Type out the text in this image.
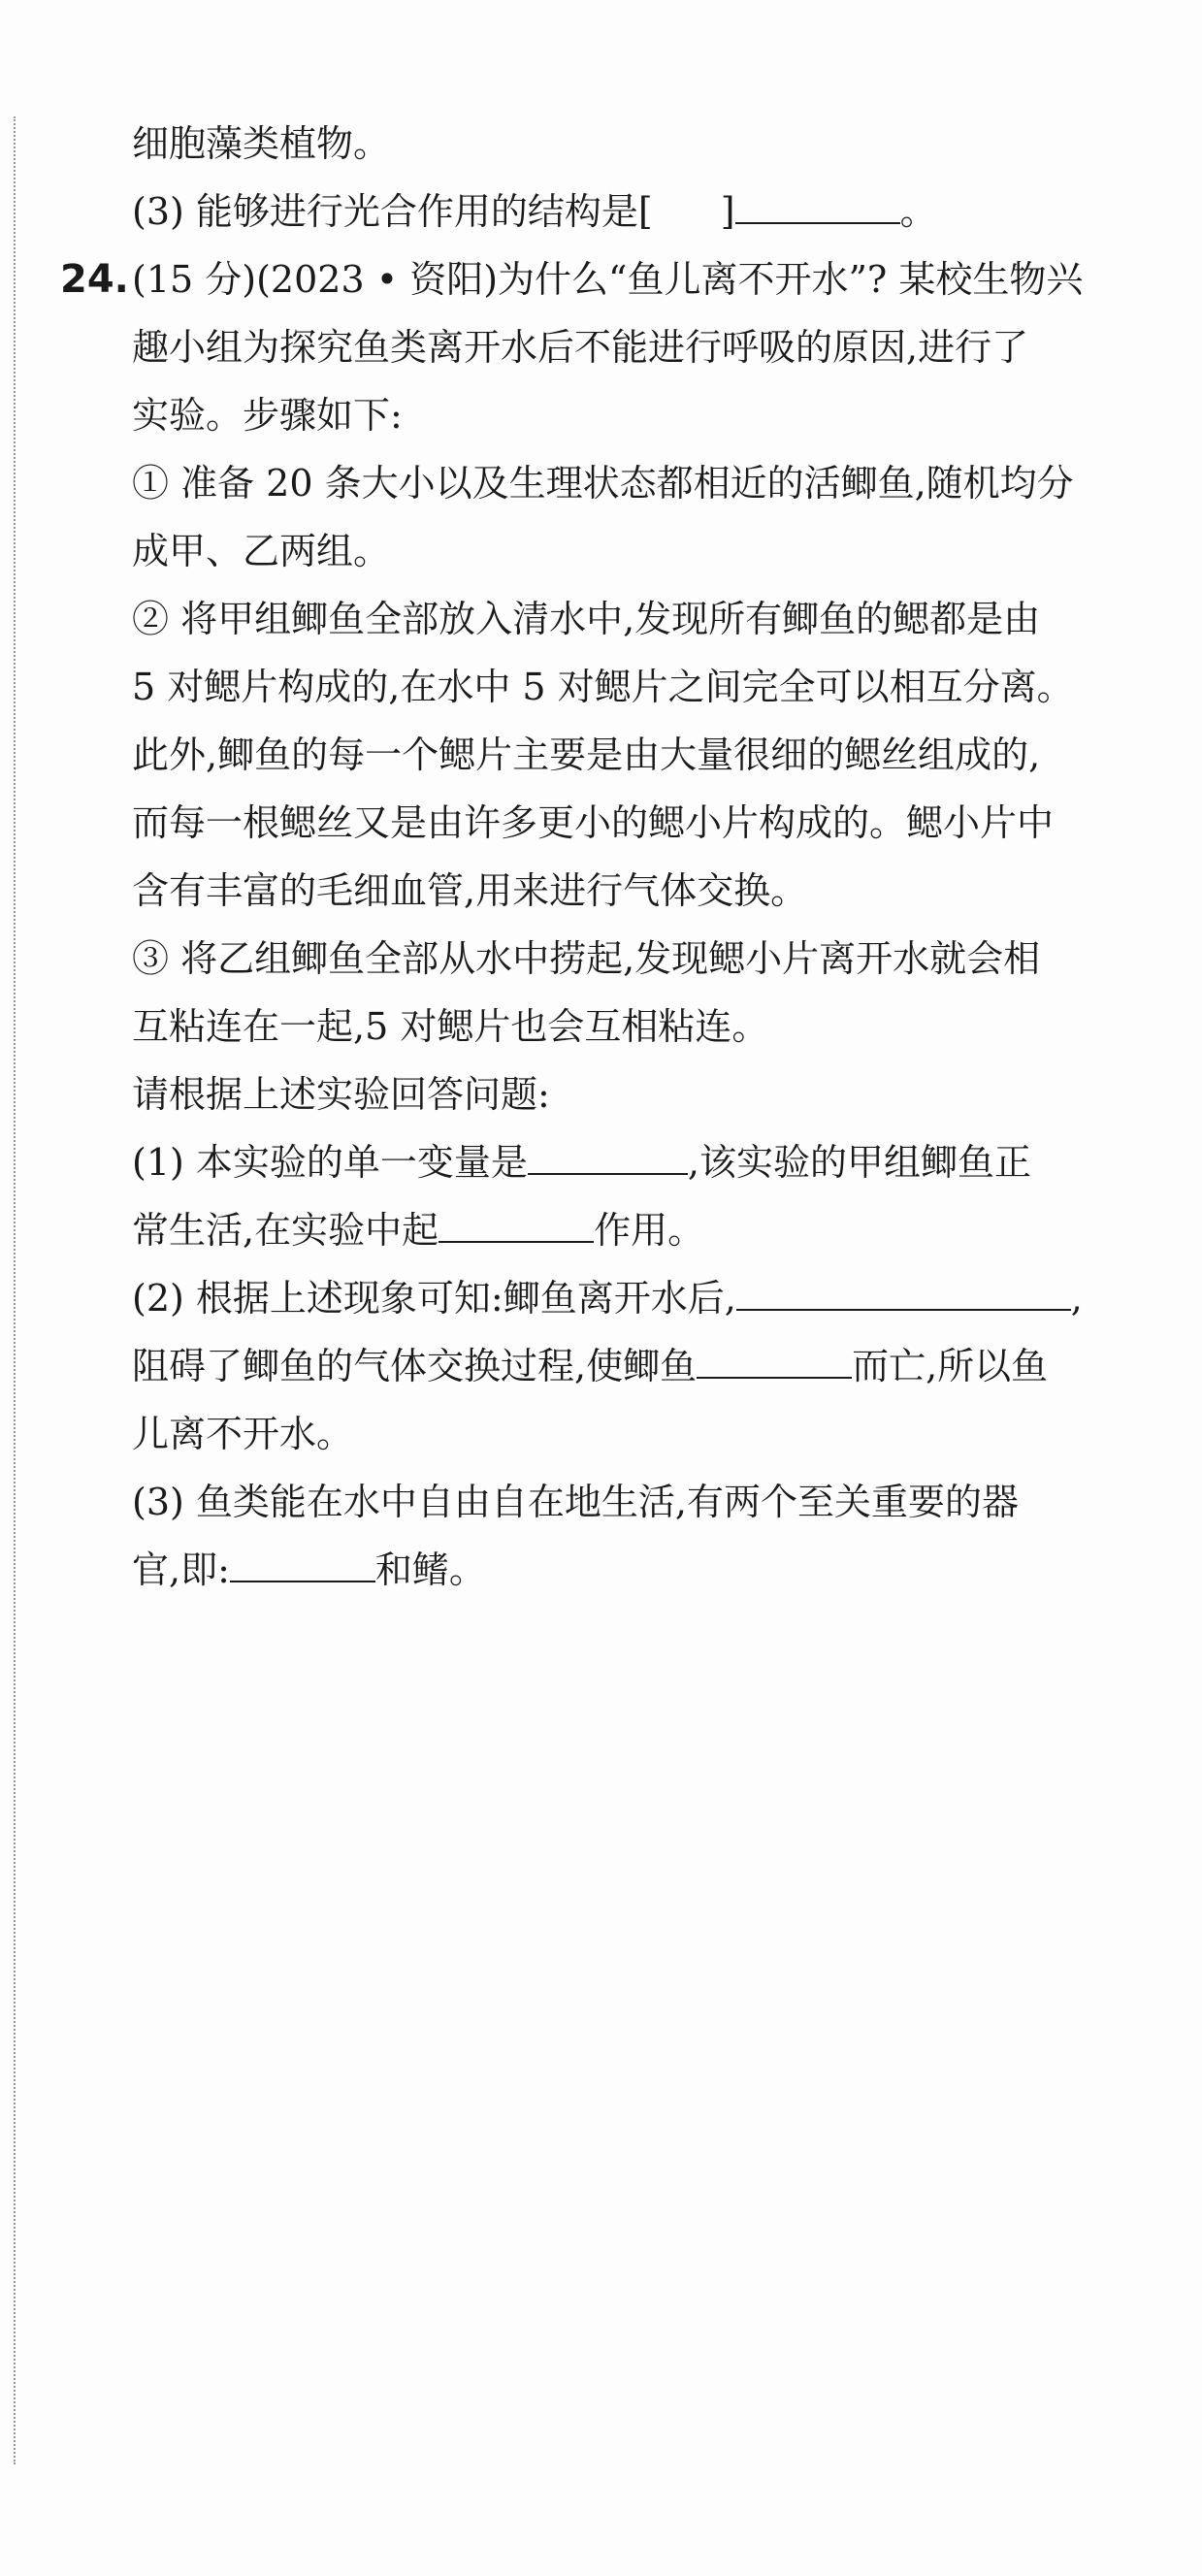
细胞藻类植物。
(3) 能够进行光合作用的结构是[ ]	。
24. (15 分)(2023 • 资阳)为什么“鱼儿离不开水”? 某校生物兴
趣小组为探究鱼类离开水后不能进行呼吸的原因,进行了
实验。步骤如下:
① 准备 20 条大小以及生理状态都相近的活鲫鱼,随机均分
成甲、乙两组。
② 将甲组鲫鱼全部放入清水中,发现所有鲫鱼的鳃都是由
5 对鳃片构成的,在水中 5 对鳃片之间完全可以相互分离。
此外,鲫鱼的每一个鳃片主要是由大量很细的鳃丝组成的,
而每一根鳃丝又是由许多更小的鳃小片构成的。鳃小片中
含有丰富的毛细血管,用来进行气体交换。
③ 将乙组鲫鱼全部从水中捞起,发现鳃小片离开水就会相
互粘连在一起,5 对鳃片也会互相粘连。
请根据上述实验回答问题:
(1) 本实验的单一变量是	,该实验的甲组鲫鱼正
常生活,在实验中起	作用。
(2) 根据上述现象可知:鲫鱼离开水后,	,
阻碍了鲫鱼的气体交换过程,使鲫鱼	而亡,所以鱼
儿离不开水。
(3) 鱼类能在水中自由自在地生活,有两个至关重要的器
官,即:	和鳍。
